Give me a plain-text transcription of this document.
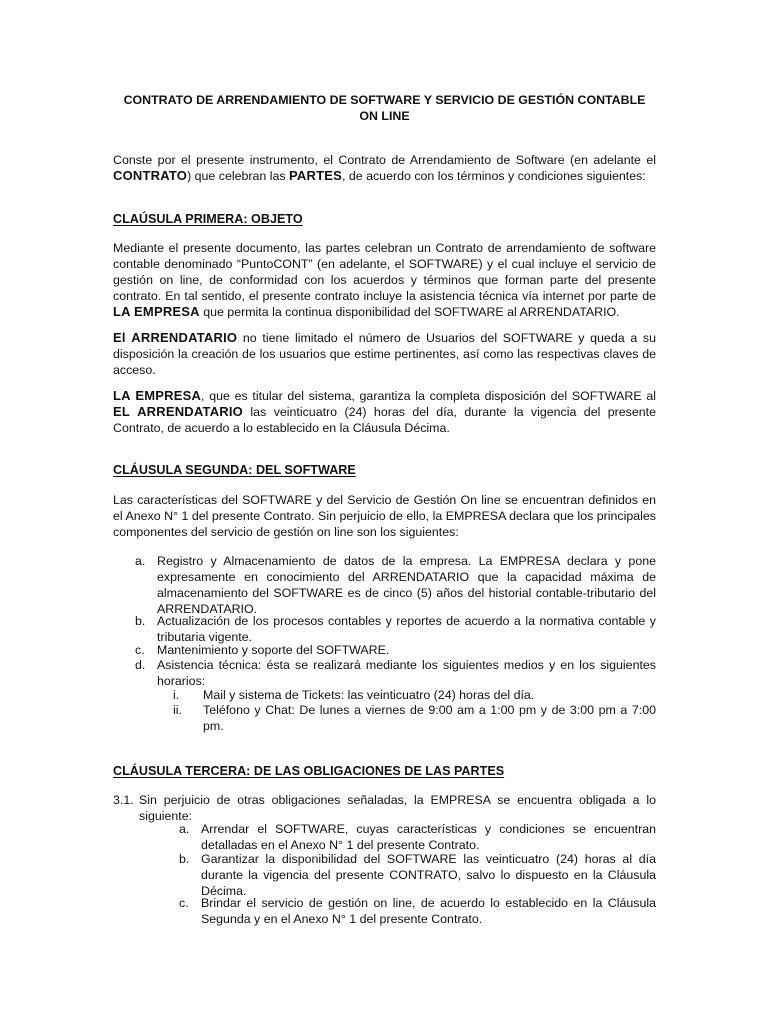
CONTRATO DE ARRENDAMIENTO DE SOFTWARE Y SERVICIO DE GESTIÓN CONTABLE
ON LINE
Conste por el presente instrumento, el Contrato de Arrendamiento de Software (en adelante el CONTRATO) que celebran las PARTES, de acuerdo con los términos y condiciones siguientes:
CLAÚSULA PRIMERA: OBJETO
Mediante el presente documento, las partes celebran un Contrato de arrendamiento de software contable denominado “PuntoCONT” (en adelante, el SOFTWARE) y el cual incluye el servicio de gestión on line, de conformidad con los acuerdos y términos que forman parte del presente contrato. En tal sentido, el presente contrato incluye la asistencia técnica vía internet por parte de LA EMPRESA que permita la continua disponibilidad del SOFTWARE al ARRENDATARIO.
El ARRENDATARIO no tiene limitado el número de Usuarios del SOFTWARE y queda a su disposición la creación de los usuarios que estime pertinentes, así como las respectivas claves de acceso.
LA EMPRESA, que es titular del sistema, garantiza la completa disposición del SOFTWARE al EL ARRENDATARIO las veinticuatro (24) horas del día, durante la vigencia del presente Contrato, de acuerdo a lo establecido en la Cláusula Décima.
CLÁUSULA SEGUNDA: DEL SOFTWARE
Las características del SOFTWARE y del Servicio de Gestión On line se encuentran definidos en el Anexo N° 1 del presente Contrato. Sin perjuicio de ello, la EMPRESA declara que los principales componentes del servicio de gestión on line son los siguientes:
a. Registro y Almacenamiento de datos de la empresa. La EMPRESA declara y pone expresamente en conocimiento del ARRENDATARIO que la capacidad máxima de almacenamiento del SOFTWARE es de cinco (5) años del historial contable-tributario del ARRENDATARIO.
b. Actualización de los procesos contables y reportes de acuerdo a la normativa contable y tributaria vigente.
c. Mantenimiento y soporte del SOFTWARE.
d. Asistencia técnica: ésta se realizará mediante los siguientes medios y en los siguientes horarios:
i. Mail y sistema de Tickets: las veinticuatro (24) horas del día.
ii. Teléfono y Chat: De lunes a viernes de 9:00 am a 1:00 pm y de 3:00 pm a 7:00 pm.
CLÁUSULA TERCERA: DE LAS OBLIGACIONES DE LAS PARTES
3.1. Sin perjuicio de otras obligaciones señaladas, la EMPRESA se encuentra obligada a lo siguiente:
a. Arrendar el SOFTWARE, cuyas características y condiciones se encuentran detalladas en el Anexo N° 1 del presente Contrato.
b. Garantizar la disponibilidad del SOFTWARE las veinticuatro (24) horas al día durante la vigencia del presente CONTRATO, salvo lo dispuesto en la Cláusula Décima.
c. Brindar el servicio de gestión on line, de acuerdo lo establecido en la Cláusula Segunda y en el Anexo N° 1 del presente Contrato.
